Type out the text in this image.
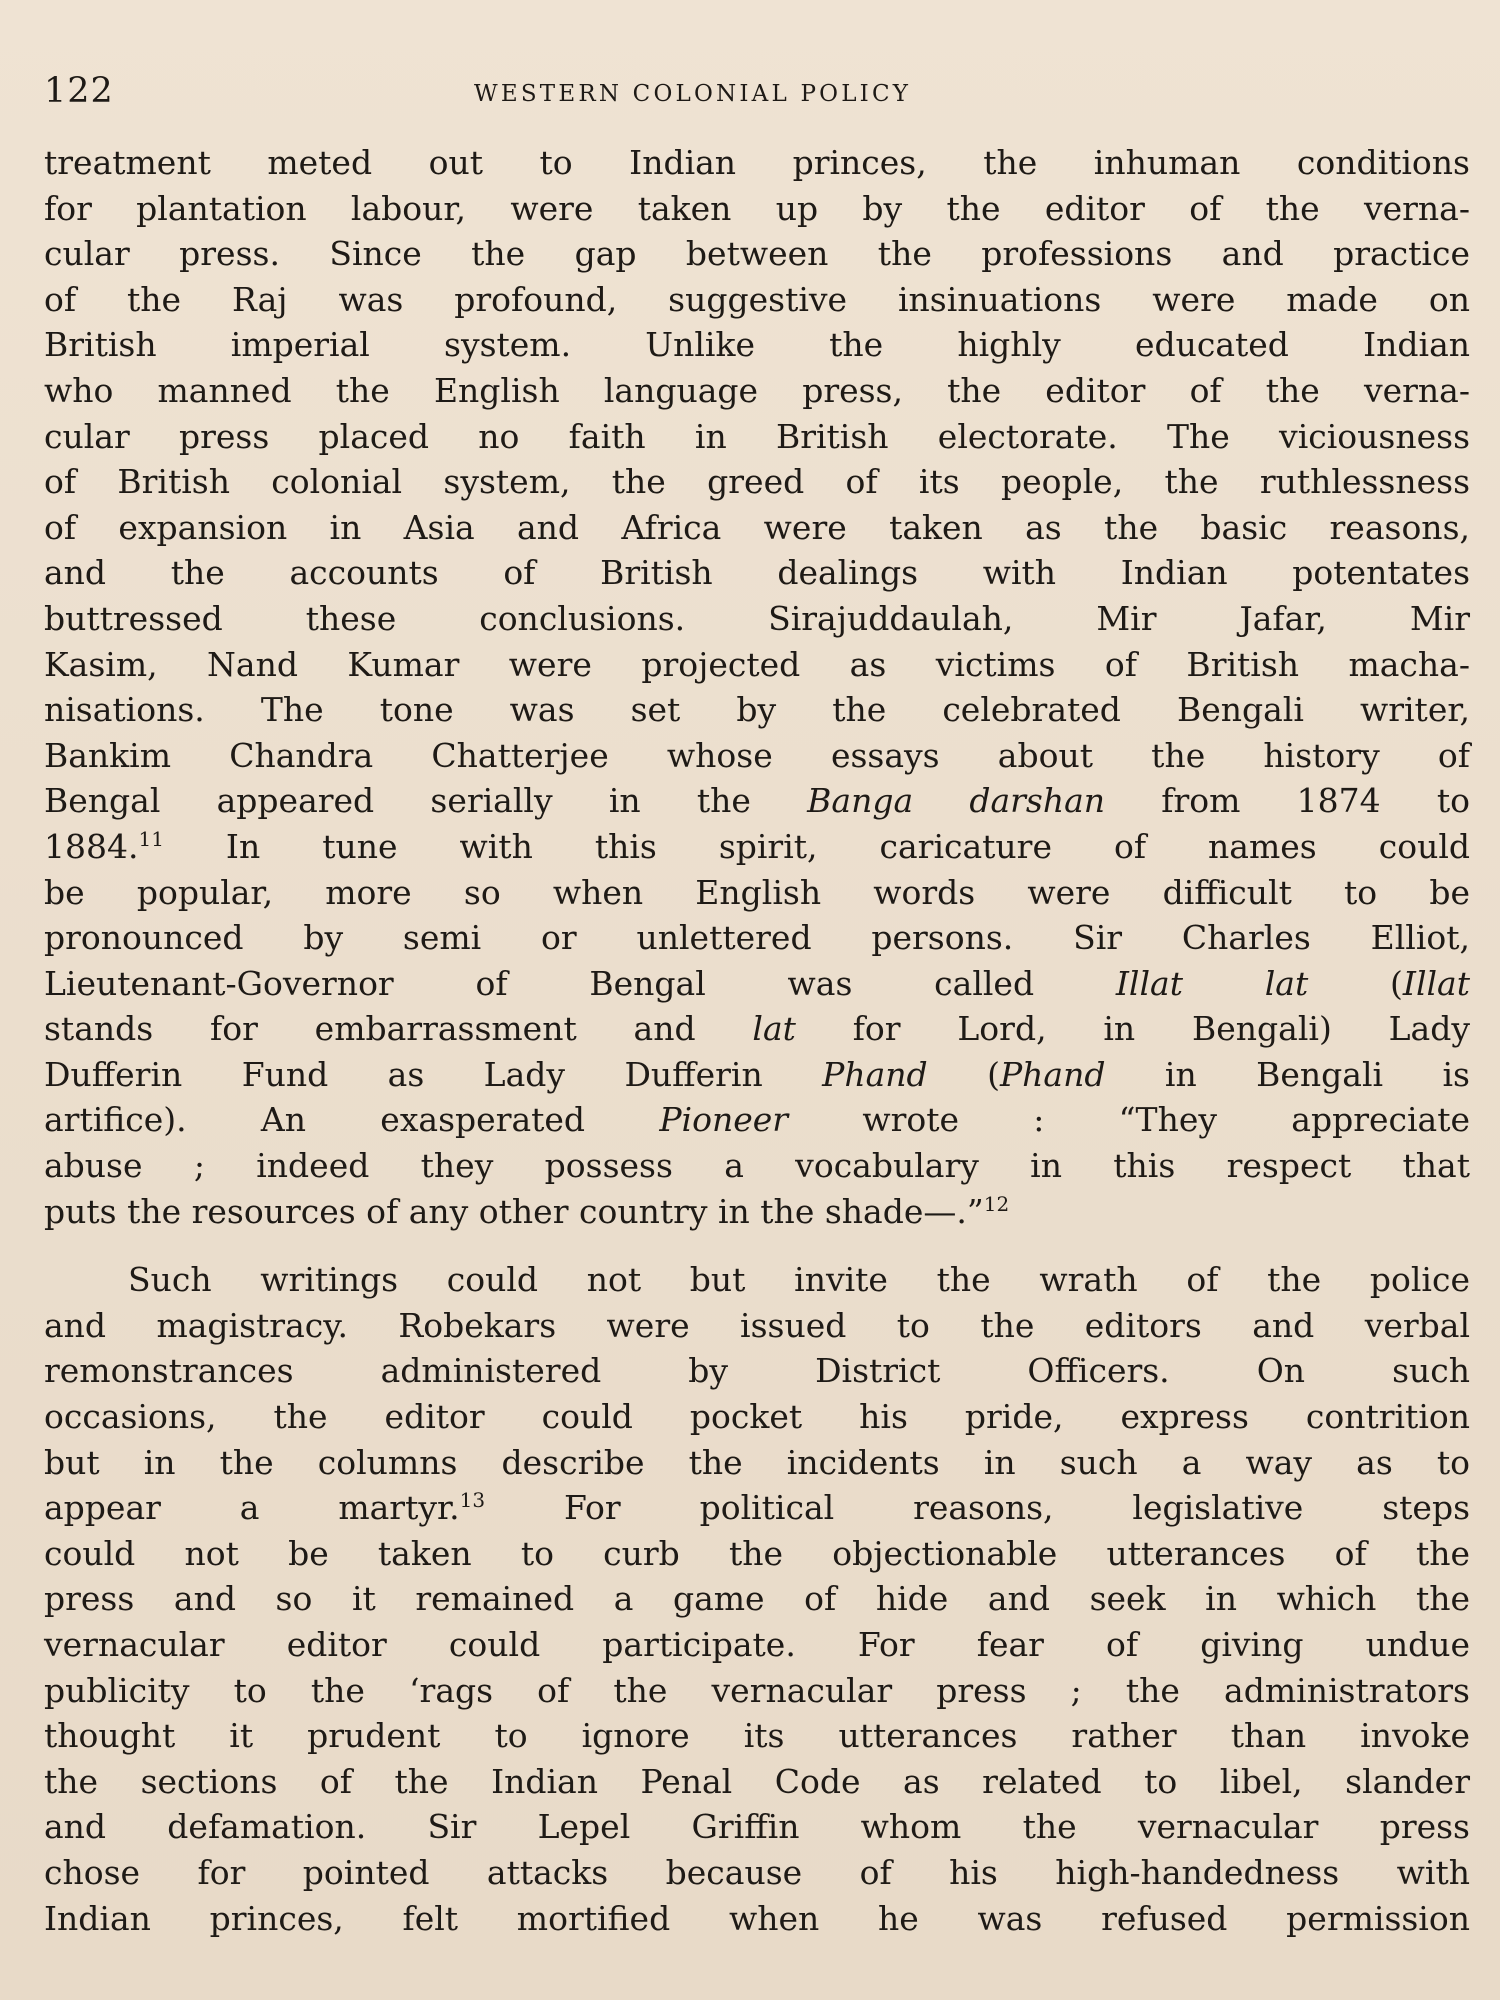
122	WESTERN COLONIAL POLICY
treatment meted out to Indian princes, the inhuman conditions
for plantation labour, were taken up by the editor of the verna-
cular press. Since the gap between the professions and practice
of the Raj was profound, suggestive insinuations were made on
British imperial system. Unlike the highly educated Indian
who manned the English language press, the editor of the verna-
cular press placed no faith in British electorate. The viciousness
of British colonial system, the greed of its people, the ruthlessness
of expansion in Asia and Africa were taken as the basic reasons,
and the accounts of British dealings with Indian potentates
buttressed these conclusions. Sirajuddaulah, Mir Jafar, Mir
Kasim, Nand Kumar were projected as victims of British macha-
nisations. The tone was set by the celebrated Bengali writer,
Bankim Chandra Chatterjee whose essays about the history of
Bengal appeared serially in the Banga darshan from 1874 to
1884.11 In tune with this spirit, caricature of names could
be popular, more so when English words were difficult to be
pronounced by semi or unlettered persons. Sir Charles Elliot,
Lieutenant-Governor of Bengal was called Illat lat (Illat
stands for embarrassment and lat for Lord, in Bengali) Lady
Dufferin Fund as Lady Dufferin Phand (Phand in Bengali is
artifice). An exasperated Pioneer wrote : “They appreciate
abuse ; indeed they possess a vocabulary in this respect that
puts the resources of any other country in the shade—.”$^{12}$
Such writings could not but invite the wrath of the police
and magistracy. Robekars were issued to the editors and verbal
remonstrances administered by District Officers. On such
occasions, the editor could pocket his pride, express contrition
but in the columns describe the incidents in such a way as to
appear a martyr.$^{13}$ For political reasons, legislative steps
could not be taken to curb the objectionable utterances of the
press and so it remained a game of hide and seek in which the
vernacular editor could participate. For fear of giving undue
publicity to the ‘rags of the vernacular press ; the administrators
thought it prudent to ignore its utterances rather than invoke
the sections of the Indian Penal Code as related to libel, slander
and defamation. Sir Lepel Griffin whom the vernacular press
chose for pointed attacks because of his high-handedness with
Indian princes, felt mortified when he was refused permission
